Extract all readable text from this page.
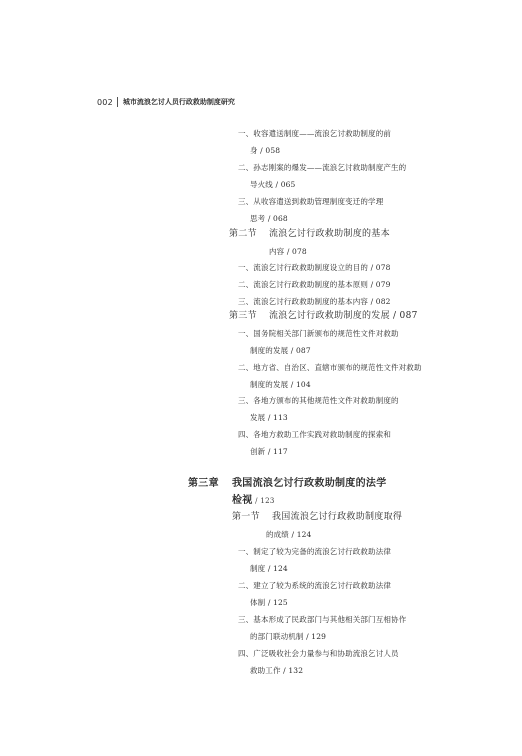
002 城市流浪乞讨人员行政救助制度研究
一、收容遣送制度——流浪乞讨救助制度的前
身 / 058
二、孙志刚案的爆发——流浪乞讨救助制度产生的
导火线 / 065
三、从收容遣送到救助管理制度变迁的学理
思考 / 068
第二节 流浪乞讨行政救助制度的基本
内容 / 078
一、流浪乞讨行政救助制度设立的目的 / 078
二、流浪乞讨行政救助制度的基本原则 / 079
三、流浪乞讨行政救助制度的基本内容 / 082
第三节 流浪乞讨行政救助制度的发展 / 087
一、国务院相关部门新颁布的规范性文件对救助
制度的发展 / 087
二、地方省、自治区、直辖市颁布的规范性文件对救助
制度的发展 / 104
三、各地方颁布的其他规范性文件对救助制度的
发展 / 113
四、各地方救助工作实践对救助制度的探索和
创新 / 117
第三章 我国流浪乞讨行政救助制度的法学
检视 / 123
第一节 我国流浪乞讨行政救助制度取得
的成绩 / 124
一、制定了较为完备的流浪乞讨行政救助法律
制度 / 124
二、建立了较为系统的流浪乞讨行政救助法律
体制 / 125
三、基本形成了民政部门与其他相关部门互相协作
的部门联动机制 / 129
四、广泛吸收社会力量参与和协助流浪乞讨人员
救助工作 / 132
